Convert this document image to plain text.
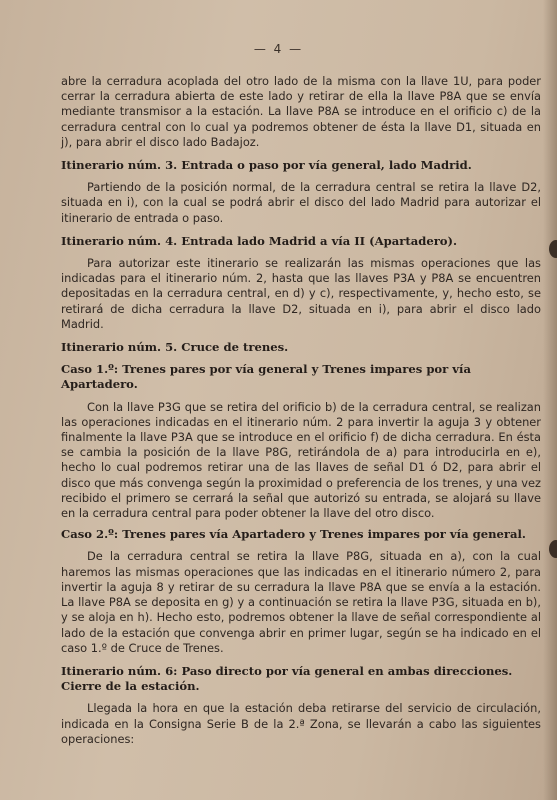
— 4 —

abre la cerradura acoplada del otro lado de la misma con la llave 1U, para poder cerrar la cerradura abierta de este lado y retirar de ella la llave P8A que se envía mediante transmisor a la estación. La llave P8A se introduce en el orificio c) de la cerradura central con lo cual ya podremos obtener de ésta la llave D1, situada en j), para abrir el disco lado Badajoz.

Itinerario núm. 3. Entrada o paso por vía general, lado Madrid.

Partiendo de la posición normal, de la cerradura central se retira la llave D2, situada en i), con la cual se podrá abrir el disco del lado Madrid para autorizar el itinerario de entrada o paso.

Itinerario núm. 4. Entrada lado Madrid a vía II (Apartadero).

Para autorizar este itinerario se realizarán las mismas operaciones que las indicadas para el itinerario núm. 2, hasta que las llaves P3A y P8A se encuentren depositadas en la cerradura central, en d) y c), respectivamente, y, hecho esto, se retirará de dicha cerradura la llave D2, situada en i), para abrir el disco lado Madrid.

Itinerario núm. 5. Cruce de trenes.
Caso 1.º: Trenes pares por vía general y Trenes impares por vía Apartadero.

Con la llave P3G que se retira del orificio b) de la cerradura central, se realizan las operaciones indicadas en el itinerario núm. 2 para invertir la aguja 3 y obtener finalmente la llave P3A que se introduce en el orificio f) de dicha cerradura. En ésta se cambia la posición de la llave P8G, retirándola de a) para introducirla en e), hecho lo cual podremos retirar una de las llaves de señal D1 ó D2, para abrir el disco que más convenga según la proximidad o preferencia de los trenes, y una vez recibido el primero se cerrará la señal que autorizó su entrada, se alojará su llave en la cerradura central para poder obtener la llave del otro disco.

Caso 2.º: Trenes pares vía Apartadero y Trenes impares por vía general.

De la cerradura central se retira la llave P8G, situada en a), con la cual haremos las mismas operaciones que las indicadas en el itinerario número 2, para invertir la aguja 8 y retirar de su cerradura la llave P8A que se envía a la estación. La llave P8A se deposita en g) y a continuación se retira la llave P3G, situada en b), y se aloja en h). Hecho esto, podremos obtener la llave de señal correspondiente al lado de la estación que convenga abrir en primer lugar, según se ha indicado en el caso 1.º de Cruce de Trenes.

Itinerario núm. 6: Paso directo por vía general en ambas direcciones. Cierre de la estación.

Llegada la hora en que la estación deba retirarse del servicio de circulación, indicada en la Consigna Serie B de la 2.ª Zona, se llevarán a cabo las siguientes operaciones:
